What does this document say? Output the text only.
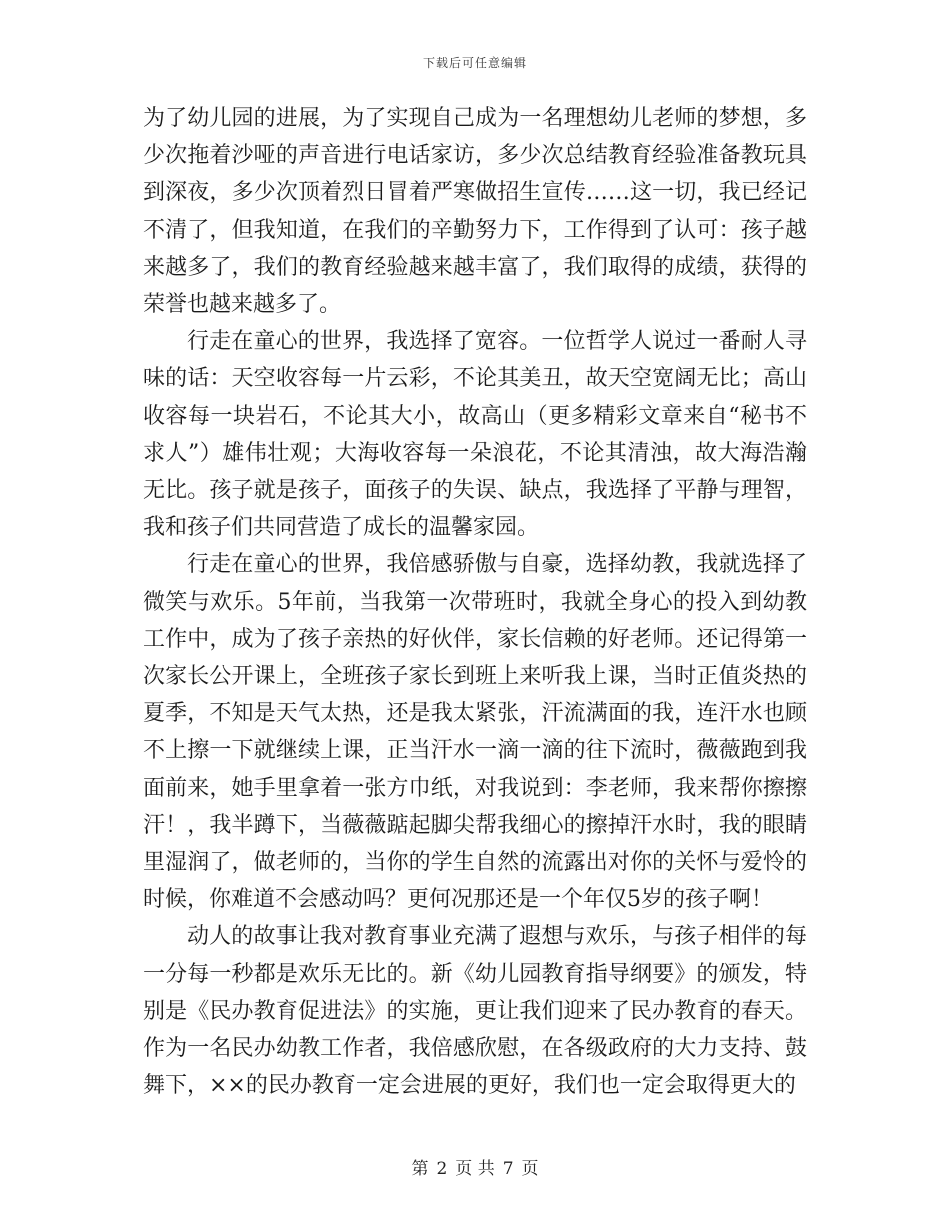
下载后可任意编辑

为了幼儿园的进展，为了实现自己成为一名理想幼儿老师的梦想，多少次拖着沙哑的声音进行电话家访，多少次总结教育经验准备教玩具到深夜，多少次顶着烈日冒着严寒做招生宣传……这一切，我已经记不清了，但我知道，在我们的辛勤努力下，工作得到了认可：孩子越来越多了，我们的教育经验越来越丰富了，我们取得的成绩，获得的荣誉也越来越多了。

行走在童心的世界，我选择了宽容。一位哲学人说过一番耐人寻味的话：天空收容每一片云彩，不论其美丑，故天空宽阔无比；高山收容每一块岩石，不论其大小，故高山（更多精彩文章来自“秘书不求人”）雄伟壮观；大海收容每一朵浪花，不论其清浊，故大海浩瀚无比。孩子就是孩子，面孩子的失误、缺点，我选择了平静与理智，我和孩子们共同营造了成长的温馨家园。

行走在童心的世界，我倍感骄傲与自豪，选择幼教，我就选择了微笑与欢乐。5年前，当我第一次带班时，我就全身心的投入到幼教工作中，成为了孩子亲热的好伙伴，家长信赖的好老师。还记得第一次家长公开课上，全班孩子家长到班上来听我上课，当时正值炎热的夏季，不知是天气太热，还是我太紧张，汗流满面的我，连汗水也顾不上擦一下就继续上课，正当汗水一滴一滴的往下流时，薇薇跑到我面前来，她手里拿着一张方巾纸，对我说到：李老师，我来帮你擦擦汗！，我半蹲下，当薇薇踮起脚尖帮我细心的擦掉汗水时，我的眼睛里湿润了，做老师的，当你的学生自然的流露出对你的关怀与爱怜的时候，你难道不会感动吗？更何况那还是一个年仅5岁的孩子啊！

动人的故事让我对教育事业充满了遐想与欢乐，与孩子相伴的每一分每一秒都是欢乐无比的。新《幼儿园教育指导纲要》的颁发，特别是《民办教育促进法》的实施，更让我们迎来了民办教育的春天。作为一名民办幼教工作者，我倍感欣慰，在各级政府的大力支持、鼓舞下，××的民办教育一定会进展的更好，我们也一定会取得更大的

第 2 页 共 7 页
